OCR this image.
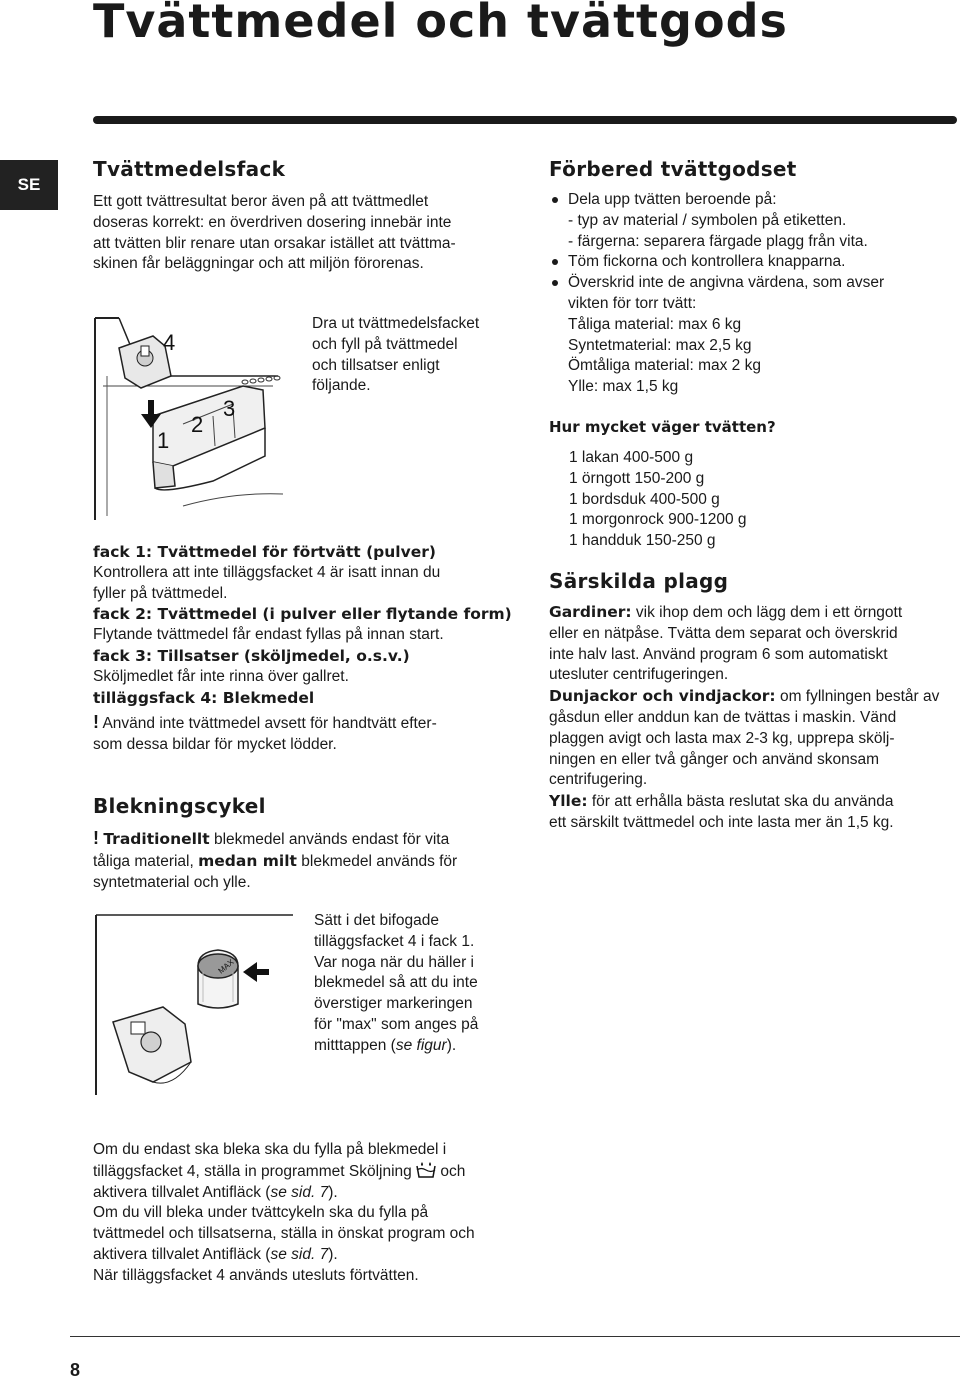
Tvättmedel och tvättgods
SE
Tvättmedelsfack
Ett gott tvättresultat beror även på att tvättmedlet
doseras korrekt: en överdriven dosering innebär inte
att tvätten blir renare utan orsakar istället att tvättma-
skinen får beläggningar och att miljön förorenas.
4
3
1
2
Dra ut tvättmedelsfacket
och fyll på tvättmedel
och tillsatser enligt
följande.
fack 1: Tvättmedel för förtvätt (pulver)
Kontrollera att inte tilläggsfacket 4 är isatt innan du
fyller på tvättmedel.
fack 2: Tvättmedel (i pulver eller flytande form)
Flytande tvättmedel får endast fyllas på innan start.
fack 3: Tillsatser (sköljmedel, o.s.v.)
Sköljmedlet får inte rinna över gallret.
tilläggsfack 4: Blekmedel
! Använd inte tvättmedel avsett för handtvätt efter-
som dessa bildar för mycket lödder.
Blekningscykel
! Traditionellt blekmedel används endast för vita
tåliga material, medan milt blekmedel används för
syntetmaterial och ylle.
MAX
Sätt i det bifogade
tilläggsfacket 4 i fack 1.
Var noga när du häller i
blekmedel så att du inte
överstiger markeringen
för "max" som anges på
mitttappen (se figur).
Om du endast ska bleka ska du fylla på blekmedel i
tilläggsfacket 4, ställa in programmet Sköljning och
aktivera tillvalet Antifläck (se sid. 7).
Om du vill bleka under tvättcykeln ska du fylla på
tvättmedel och tillsatserna, ställa in önskat program och
aktivera tillvalet Antifläck (se sid. 7).
När tilläggsfacket 4 används utesluts förtvätten.
Förbered tvättgodset
Dela upp tvätten beroende på:
- typ av material / symbolen på etiketten.
- färgerna: separera färgade plagg från vita.
Töm fickorna och kontrollera knapparna.
Överskrid inte de angivna värdena, som avser
vikten för torr tvätt:
Tåliga material: max 6 kg
Syntetmaterial: max 2,5 kg
Ömtåliga material: max 2 kg
Ylle: max 1,5 kg
Hur mycket väger tvätten?
1 lakan 400-500 g
1 örngott 150-200 g
1 bordsduk 400-500 g
1 morgonrock 900-1200 g
1 handduk 150-250 g
Särskilda plagg
Gardiner: vik ihop dem och lägg dem i ett örngott
eller en nätpåse. Tvätta dem separat och överskrid
inte halv last. Använd program 6 som automatiskt
utesluter centrifugeringen.
Dunjackor och vindjackor: om fyllningen består av
gåsdun eller anddun kan de tvättas i maskin. Vänd
plaggen avigt och lasta max 2-3 kg, upprepa skölj-
ningen en eller två gånger och använd skonsam
centrifugering.
Ylle: för att erhålla bästa reslutat ska du använda
ett särskilt tvättmedel och inte lasta mer än 1,5 kg.
8
